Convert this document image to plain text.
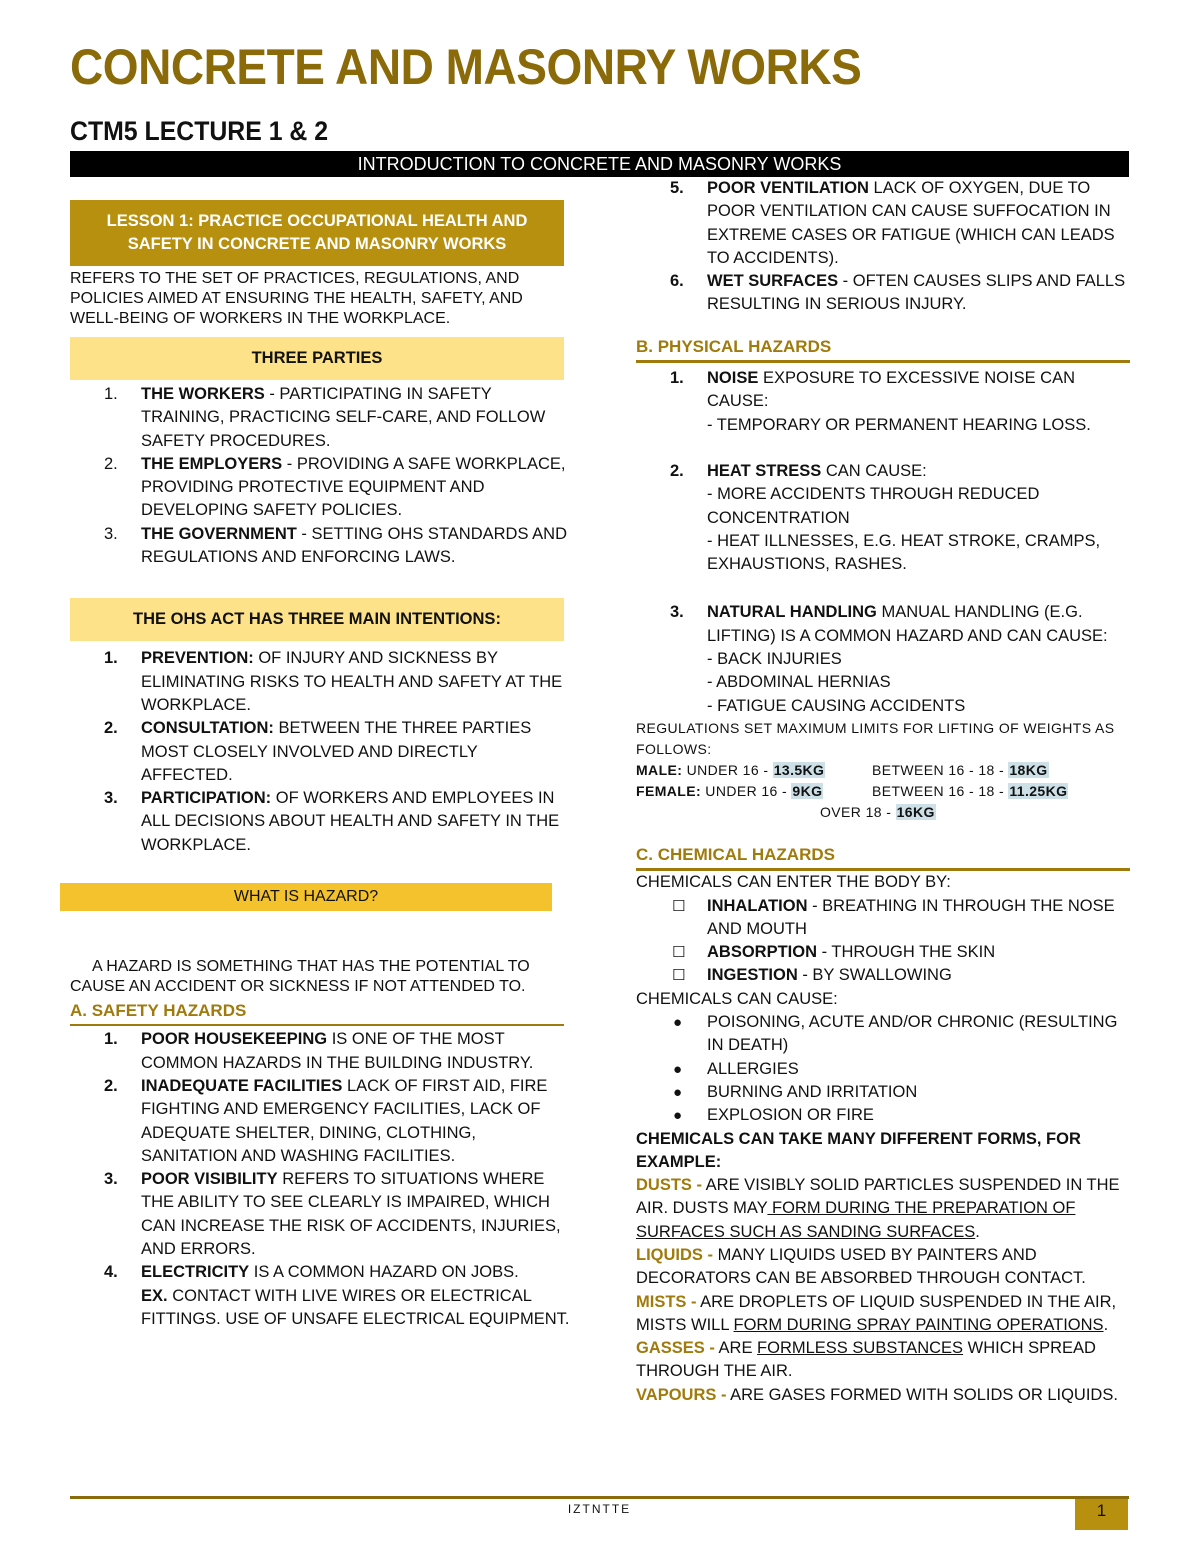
CONCRETE AND MASONRY WORKS
CTM5 LECTURE 1 & 2
INTRODUCTION TO CONCRETE AND MASONRY WORKS
LESSON 1: PRACTICE OCCUPATIONAL HEALTH AND SAFETY IN CONCRETE AND MASONRY WORKS
REFERS TO THE SET OF PRACTICES, REGULATIONS, AND POLICIES AIMED AT ENSURING THE HEALTH, SAFETY, AND WELL-BEING OF WORKERS IN THE WORKPLACE.
THREE PARTIES
1. THE WORKERS - PARTICIPATING IN SAFETY TRAINING, PRACTICING SELF-CARE, AND FOLLOW SAFETY PROCEDURES.
2. THE EMPLOYERS - PROVIDING A SAFE WORKPLACE, PROVIDING PROTECTIVE EQUIPMENT AND DEVELOPING SAFETY POLICIES.
3. THE GOVERNMENT - SETTING OHS STANDARDS AND REGULATIONS AND ENFORCING LAWS.
THE OHS ACT HAS THREE MAIN INTENTIONS:
1. PREVENTION: OF INJURY AND SICKNESS BY ELIMINATING RISKS TO HEALTH AND SAFETY AT THE WORKPLACE.
2. CONSULTATION: BETWEEN THE THREE PARTIES MOST CLOSELY INVOLVED AND DIRECTLY AFFECTED.
3. PARTICIPATION: OF WORKERS AND EMPLOYEES IN ALL DECISIONS ABOUT HEALTH AND SAFETY IN THE WORKPLACE.
WHAT IS HAZARD?
A HAZARD IS SOMETHING THAT HAS THE POTENTIAL TO CAUSE AN ACCIDENT OR SICKNESS IF NOT ATTENDED TO.
A. SAFETY HAZARDS
1. POOR HOUSEKEEPING IS ONE OF THE MOST COMMON HAZARDS IN THE BUILDING INDUSTRY.
2. INADEQUATE FACILITIES LACK OF FIRST AID, FIRE FIGHTING AND EMERGENCY FACILITIES, LACK OF ADEQUATE SHELTER, DINING, CLOTHING, SANITATION AND WASHING FACILITIES.
3. POOR VISIBILITY REFERS TO SITUATIONS WHERE THE ABILITY TO SEE CLEARLY IS IMPAIRED, WHICH CAN INCREASE THE RISK OF ACCIDENTS, INJURIES, AND ERRORS.
4. ELECTRICITY IS A COMMON HAZARD ON JOBS.
EX. CONTACT WITH LIVE WIRES OR ELECTRICAL FITTINGS. USE OF UNSAFE ELECTRICAL EQUIPMENT.
5. POOR VENTILATION LACK OF OXYGEN, DUE TO POOR VENTILATION CAN CAUSE SUFFOCATION IN EXTREME CASES OR FATIGUE (WHICH CAN LEADS TO ACCIDENTS).
6. WET SURFACES - OFTEN CAUSES SLIPS AND FALLS RESULTING IN SERIOUS INJURY.
B. PHYSICAL HAZARDS
1. NOISE EXPOSURE TO EXCESSIVE NOISE CAN CAUSE:
- TEMPORARY OR PERMANENT HEARING LOSS.
2. HEAT STRESS CAN CAUSE:
- MORE ACCIDENTS THROUGH REDUCED CONCENTRATION
- HEAT ILLNESSES, E.G. HEAT STROKE, CRAMPS, EXHAUSTIONS, RASHES.
3. NATURAL HANDLING MANUAL HANDLING (E.G. LIFTING) IS A COMMON HAZARD AND CAN CAUSE:
- BACK INJURIES
- ABDOMINAL HERNIAS
- FATIGUE CAUSING ACCIDENTS
REGULATIONS SET MAXIMUM LIMITS FOR LIFTING OF WEIGHTS AS FOLLOWS:
MALE: UNDER 16 - 13.5KG	BETWEEN 16 - 18 - 18KG
FEMALE: UNDER 16 - 9KG	BETWEEN 16 - 18 - 11.25KG
OVER 18 - 16KG
C. CHEMICAL HAZARDS
CHEMICALS CAN ENTER THE BODY BY:
☐ INHALATION - BREATHING IN THROUGH THE NOSE AND MOUTH
☐ ABSORPTION - THROUGH THE SKIN
☐ INGESTION - BY SWALLOWING
CHEMICALS CAN CAUSE:
● POISONING, ACUTE AND/OR CHRONIC (RESULTING IN DEATH)
● ALLERGIES
● BURNING AND IRRITATION
● EXPLOSION OR FIRE
CHEMICALS CAN TAKE MANY DIFFERENT FORMS, FOR EXAMPLE:
DUSTS - ARE VISIBLY SOLID PARTICLES SUSPENDED IN THE AIR. DUSTS MAY FORM DURING THE PREPARATION OF SURFACES SUCH AS SANDING SURFACES.
LIQUIDS - MANY LIQUIDS USED BY PAINTERS AND DECORATORS CAN BE ABSORBED THROUGH CONTACT.
MISTS - ARE DROPLETS OF LIQUID SUSPENDED IN THE AIR, MISTS WILL FORM DURING SPRAY PAINTING OPERATIONS.
GASSES - ARE FORMLESS SUBSTANCES WHICH SPREAD THROUGH THE AIR.
VAPOURS - ARE GASES FORMED WITH SOLIDS OR LIQUIDS.
IZTNTTE	1
